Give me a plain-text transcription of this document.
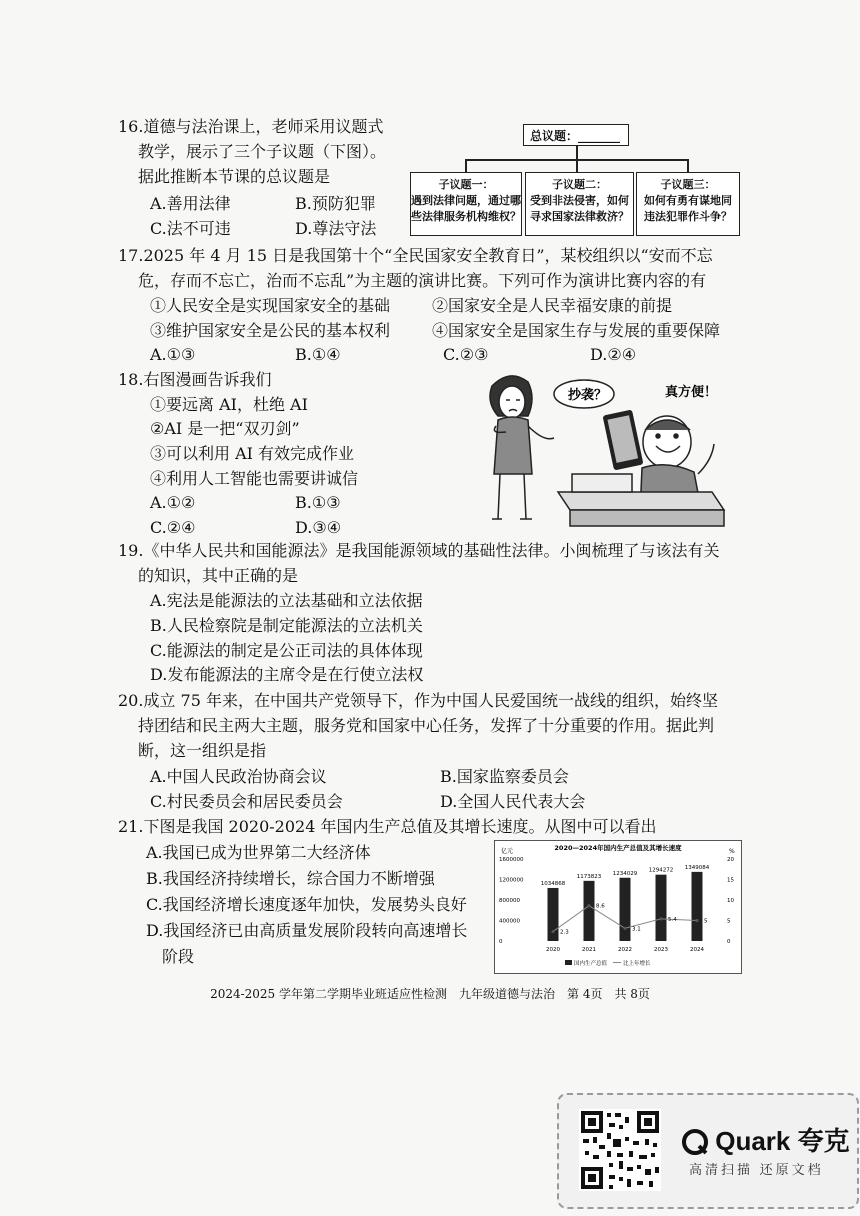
16.道德与法治课上，老师采用议题式
教学，展示了三个子议题（下图）。
据此推断本节课的总议题是
A.善用法律	B.预防犯罪
C.法不可违	D.尊法守法
总议题：_______
子议题一：
遇到法律问题，通过哪
些法律服务机构维权？
子议题二：
受到非法侵害，如何
寻求国家法律救济？
子议题三：
如何有勇有谋地同
违法犯罪作斗争？
17.2025 年 4 月 15 日是我国第十个“全民国家安全教育日”，某校组织以“安而不忘
危，存而不忘亡，治而不忘乱”为主题的演讲比赛。下列可作为演讲比赛内容的有
①人民安全是实现国家安全的基础	②国家安全是人民幸福安康的前提
③维护国家安全是公民的基本权利	④国家安全是国家生存与发展的重要保障
A.①③	B.①④	C.②③	D.②④
18.右图漫画告诉我们
①要远离 AI，杜绝 AI
②AI 是一把“双刃剑”
③可以利用 AI 有效完成作业
④利用人工智能也需要讲诚信
A.①②	B.①③
C.②④	D.③④
抄袭？	真方便！
19.《中华人民共和国能源法》是我国能源领域的基础性法律。小闽梳理了与该法有关
的知识，其中正确的是
A.宪法是能源法的立法基础和立法依据
B.人民检察院是制定能源法的立法机关
C.能源法的制定是公正司法的具体体现
D.发布能源法的主席令是在行使立法权
20.成立 75 年来，在中国共产党领导下，作为中国人民爱国统一战线的组织，始终坚
持团结和民主两大主题，服务党和国家中心任务，发挥了十分重要的作用。据此判
断，这一组织是指
A.中国人民政治协商会议	B.国家监察委员会
C.村民委员会和居民委员会	D.全国人民代表大会
21.下图是我国 2020-2024 年国内生产总值及其增长速度。从图中可以看出
A.我国已成为世界第二大经济体
B.我国经济持续增长，综合国力不断增强
C.我国经济增长速度逐年加快，发展势头良好
D.我国经济已由高质量发展阶段转向高速增长
阶段
2020—2024年国内生产总值及其增长速度
亿元	%
1600000
1200000
800000
400000
0
20
15
10
5
0
1034868
2020
1173823
2021
1234029
2022
1294272
2023
1349084
2024
2.3
8.6
3.1
5.4	5
国内生产总值	比上年增长
2024-2025 学年第二学期毕业班适应性检测　九年级道德与法治　第 4页　共 8页
Quark 夸克
高清扫描 还原文档
